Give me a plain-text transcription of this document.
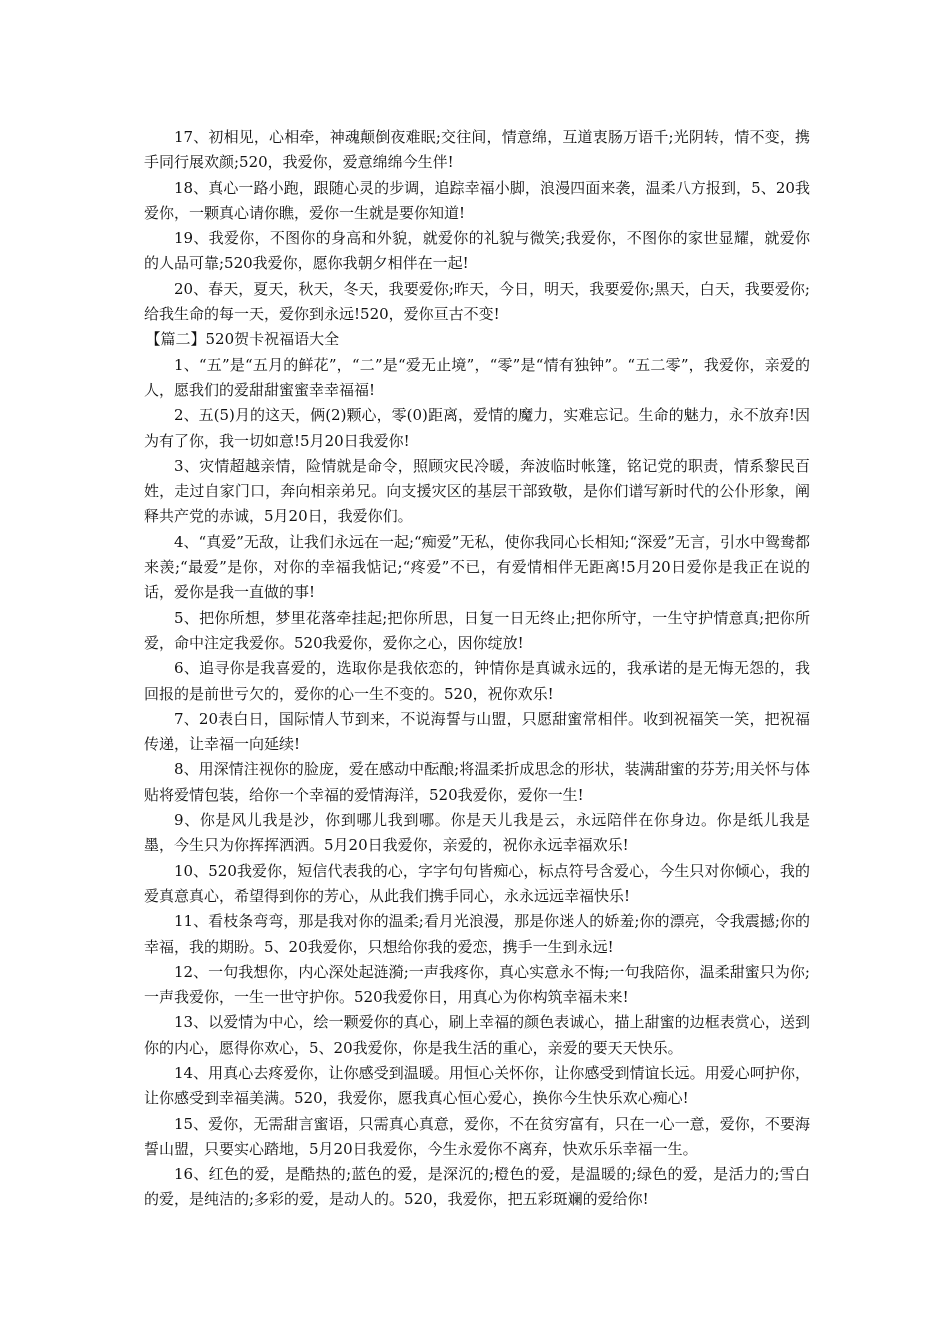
17、初相见，心相牵，神魂颠倒夜难眠;交往间，情意绵，互道衷肠万语千;光阴转，情不变，携手同行展欢颜;520，我爱你，爱意绵绵今生伴!

18、真心一路小跑，跟随心灵的步调，追踪幸福小脚，浪漫四面来袭，温柔八方报到，5、20我爱你，一颗真心请你瞧，爱你一生就是要你知道!

19、我爱你，不图你的身高和外貌，就爱你的礼貌与微笑;我爱你，不图你的家世显耀，就爱你的人品可靠;520我爱你，愿你我朝夕相伴在一起!

20、春天，夏天，秋天，冬天，我要爱你;昨天，今日，明天，我要爱你;黑天，白天，我要爱你;给我生命的每一天，爱你到永远!520，爱你亘古不变!

【篇二】520贺卡祝福语大全

1、“五”是“五月的鲜花”，“二”是“爱无止境”，“零”是“情有独钟”。“五二零”，我爱你，亲爱的人，愿我们的爱甜甜蜜蜜幸幸福福!

2、五(5)月的这天，俩(2)颗心，零(0)距离，爱情的魔力，实难忘记。生命的魅力，永不放弃!因为有了你，我一切如意!5月20日我爱你!

3、灾情超越亲情，险情就是命令，照顾灾民冷暖，奔波临时帐篷，铭记党的职责，情系黎民百姓，走过自家门口，奔向相亲弟兄。向支援灾区的基层干部致敬，是你们谱写新时代的公仆形象，阐释共产党的赤诚，5月20日，我爱你们。

4、“真爱”无敌，让我们永远在一起;“痴爱”无私，使你我同心长相知;“深爱”无言，引水中鸳鸯都来羡;“最爱”是你，对你的幸福我惦记;“疼爱”不已，有爱情相伴无距离!5月20日爱你是我正在说的话，爱你是我一直做的事!

5、把你所想，梦里花落牵挂起;把你所思，日复一日无终止;把你所守，一生守护情意真;把你所爱，命中注定我爱你。520我爱你，爱你之心，因你绽放!

6、追寻你是我喜爱的，选取你是我依恋的，钟情你是真诚永远的，我承诺的是无悔无怨的，我回报的是前世亏欠的，爱你的心一生不变的。520，祝你欢乐!

7、20表白日，国际情人节到来，不说海誓与山盟，只愿甜蜜常相伴。收到祝福笑一笑，把祝福传递，让幸福一向延续!

8、用深情注视你的脸庞，爱在感动中酝酿;将温柔折成思念的形状，装满甜蜜的芬芳;用关怀与体贴将爱情包装，给你一个幸福的爱情海洋，520我爱你，爱你一生!

9、你是风儿我是沙，你到哪儿我到哪。你是天儿我是云，永远陪伴在你身边。你是纸儿我是墨，今生只为你挥挥洒洒。5月20日我爱你，亲爱的，祝你永远幸福欢乐!

10、520我爱你，短信代表我的心，字字句句皆痴心，标点符号含爱心，今生只对你倾心，我的爱真意真心，希望得到你的芳心，从此我们携手同心，永永远远幸福快乐!

11、看枝条弯弯，那是我对你的温柔;看月光浪漫，那是你迷人的娇羞;你的漂亮，令我震撼;你的幸福，我的期盼。5、20我爱你，只想给你我的爱恋，携手一生到永远!

12、一句我想你，内心深处起涟漪;一声我疼你，真心实意永不悔;一句我陪你，温柔甜蜜只为你;一声我爱你，一生一世守护你。520我爱你日，用真心为你构筑幸福未来!

13、以爱情为中心，绘一颗爱你的真心，刷上幸福的颜色表诚心，描上甜蜜的边框表赏心，送到你的内心，愿得你欢心，5、20我爱你，你是我生活的重心，亲爱的要天天快乐。

14、用真心去疼爱你，让你感受到温暖。用恒心关怀你，让你感受到情谊长远。用爱心呵护你，让你感受到幸福美满。520，我爱你，愿我真心恒心爱心，换你今生快乐欢心痴心!

15、爱你，无需甜言蜜语，只需真心真意，爱你，不在贫穷富有，只在一心一意，爱你，不要海誓山盟，只要实心踏地，5月20日我爱你，今生永爱你不离弃，快欢乐乐幸福一生。

16、红色的爱，是酷热的;蓝色的爱，是深沉的;橙色的爱，是温暖的;绿色的爱，是活力的;雪白的爱，是纯洁的;多彩的爱，是动人的。520，我爱你，把五彩斑斓的爱给你!
